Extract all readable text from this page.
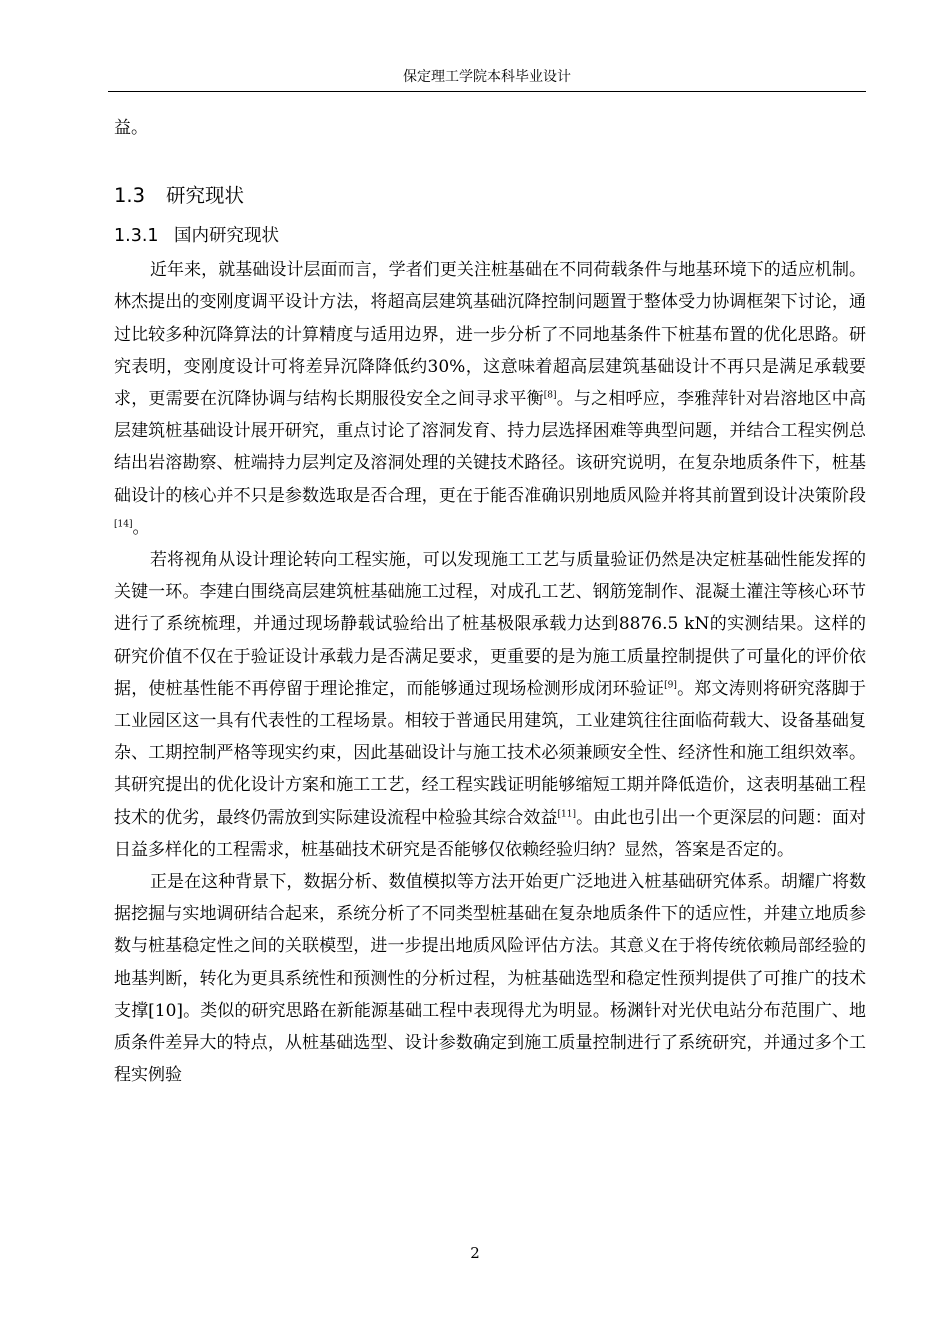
保定理工学院本科毕业设计

益。

1.3 研究现状
1.3.1 国内研究现状

近年来，就基础设计层面而言，学者们更关注桩基础在不同荷载条件与地基环境下的适应机制。林杰提出的变刚度调平设计方法，将超高层建筑基础沉降控制问题置于整体受力协调框架下讨论，通过比较多种沉降算法的计算精度与适用边界，进一步分析了不同地基条件下桩基布置的优化思路。研究表明，变刚度设计可将差异沉降降低约30%，这意味着超高层建筑基础设计不再只是满足承载要求，更需要在沉降协调与结构长期服役安全之间寻求平衡[8]。与之相呼应，李雅萍针对岩溶地区中高层建筑桩基础设计展开研究，重点讨论了溶洞发育、持力层选择困难等典型问题，并结合工程实例总结出岩溶勘察、桩端持力层判定及溶洞处理的关键技术路径。该研究说明，在复杂地质条件下，桩基础设计的核心并不只是参数选取是否合理，更在于能否准确识别地质风险并将其前置到设计决策阶段[14]。

若将视角从设计理论转向工程实施，可以发现施工工艺与质量验证仍然是决定桩基础性能发挥的关键一环。李建白围绕高层建筑桩基础施工过程，对成孔工艺、钢筋笼制作、混凝土灌注等核心环节进行了系统梳理，并通过现场静载试验给出了桩基极限承载力达到8876.5 kN的实测结果。这样的研究价值不仅在于验证设计承载力是否满足要求，更重要的是为施工质量控制提供了可量化的评价依据，使桩基性能不再停留于理论推定，而能够通过现场检测形成闭环验证[9]。郑文涛则将研究落脚于工业园区这一具有代表性的工程场景。相较于普通民用建筑，工业建筑往往面临荷载大、设备基础复杂、工期控制严格等现实约束，因此基础设计与施工技术必须兼顾安全性、经济性和施工组织效率。其研究提出的优化设计方案和施工工艺，经工程实践证明能够缩短工期并降低造价，这表明基础工程技术的优劣，最终仍需放到实际建设流程中检验其综合效益[11]。由此也引出一个更深层的问题：面对日益多样化的工程需求，桩基础技术研究是否能够仅依赖经验归纳？显然，答案是否定的。

正是在这种背景下，数据分析、数值模拟等方法开始更广泛地进入桩基础研究体系。胡耀广将数据挖掘与实地调研结合起来，系统分析了不同类型桩基础在复杂地质条件下的适应性，并建立地质参数与桩基稳定性之间的关联模型，进一步提出地质风险评估方法。其意义在于将传统依赖局部经验的地基判断，转化为更具系统性和预测性的分析过程，为桩基础选型和稳定性预判提供了可推广的技术支撑[10]。类似的研究思路在新能源基础工程中表现得尤为明显。杨渊针对光伏电站分布范围广、地质条件差异大的特点，从桩基础选型、设计参数确定到施工质量控制进行了系统研究，并通过多个工程实例验

2
